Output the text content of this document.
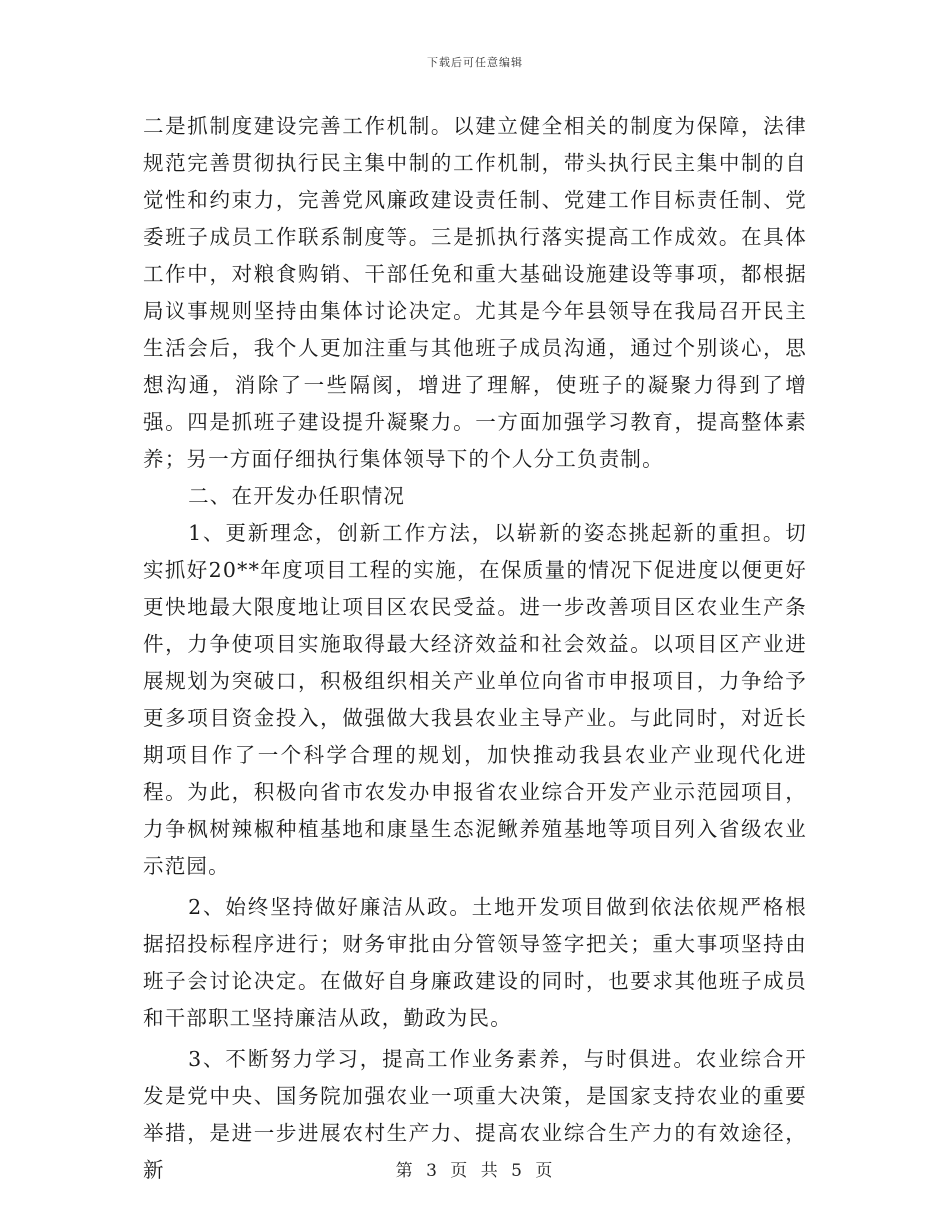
下载后可任意编辑

二是抓制度建设完善工作机制。以建立健全相关的制度为保障，法律规范完善贯彻执行民主集中制的工作机制，带头执行民主集中制的自觉性和约束力，完善党风廉政建设责任制、党建工作目标责任制、党委班子成员工作联系制度等。三是抓执行落实提高工作成效。在具体工作中，对粮食购销、干部任免和重大基础设施建设等事项，都根据局议事规则坚持由集体讨论决定。尤其是今年县领导在我局召开民主生活会后，我个人更加注重与其他班子成员沟通，通过个别谈心，思想沟通，消除了一些隔阂，增进了理解，使班子的凝聚力得到了增强。四是抓班子建设提升凝聚力。一方面加强学习教育，提高整体素养；另一方面仔细执行集体领导下的个人分工负责制。

二、在开发办任职情况

1、更新理念，创新工作方法，以崭新的姿态挑起新的重担。切实抓好20**年度项目工程的实施，在保质量的情况下促进度以便更好更快地最大限度地让项目区农民受益。进一步改善项目区农业生产条件，力争使项目实施取得最大经济效益和社会效益。以项目区产业进展规划为突破口，积极组织相关产业单位向省市申报项目，力争给予更多项目资金投入，做强做大我县农业主导产业。与此同时，对近长期项目作了一个科学合理的规划，加快推动我县农业产业现代化进程。为此，积极向省市农发办申报省农业综合开发产业示范园项目，力争枫树辣椒种植基地和康垦生态泥鳅养殖基地等项目列入省级农业示范园。

2、始终坚持做好廉洁从政。土地开发项目做到依法依规严格根据招投标程序进行；财务审批由分管领导签字把关；重大事项坚持由班子会讨论决定。在做好自身廉政建设的同时，也要求其他班子成员和干部职工坚持廉洁从政，勤政为民。

3、不断努力学习，提高工作业务素养，与时俱进。农业综合开发是党中央、国务院加强农业一项重大决策，是国家支持农业的重要举措，是进一步进展农村生产力、提高农业综合生产力的有效途径，新	第 3 页 共 5 页
